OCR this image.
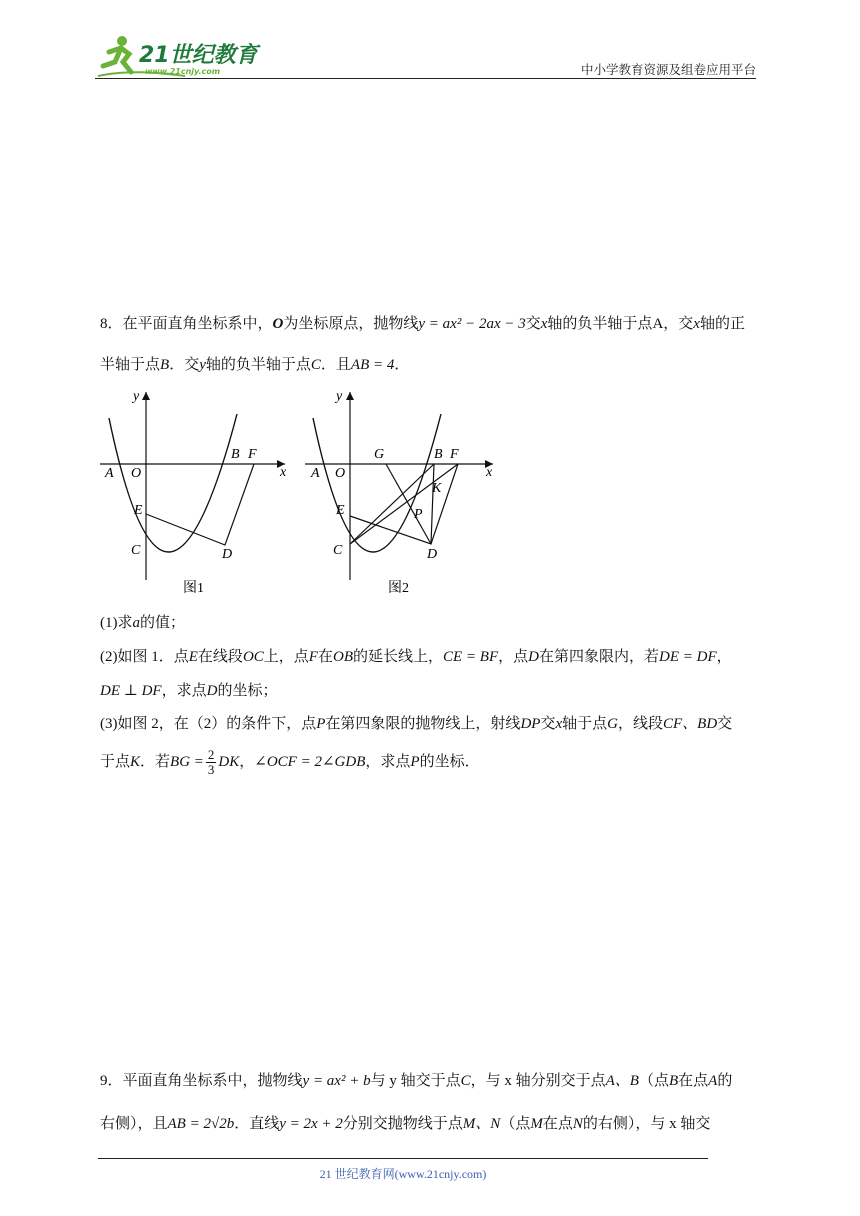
21世纪教育
www.21cnjy.com	中小学教育资源及组卷应用平台
8．在平面直角坐标系中，O为坐标原点，抛物线y = ax² − 2ax − 3交x轴的负半轴于点A，交x轴的正
半轴于点B．交y轴的负半轴于点C．且AB = 4．
A O
B F
x
y
E
C	D
图1
A O
G	B F
x
y
K
P
E
C	D
图2
(1)求a的值；
(2)如图 1．点E在线段OC上，点F在OB的延长线上，CE = BF，点D在第四象限内，若DE = DF，
DE ⊥ DF，求点D的坐标；
(3)如图 2，在（2）的条件下，点P在第四象限的抛物线上，射线DP交x轴于点G，线段CF、BD交
于点K．若BG = $\frac{2}{3}$ DK，∠OCF = 2∠GDB，求点P的坐标．
9．平面直角坐标系中，抛物线y = ax² + b与 y 轴交于点C，与 x 轴分别交于点A、B（点B在点A的
右侧），且AB = 2√2b．直线y = 2x + 2分别交抛物线于点M、N（点M在点N的右侧），与 x 轴交
21 世纪教育网(www.21cnjy.com)
